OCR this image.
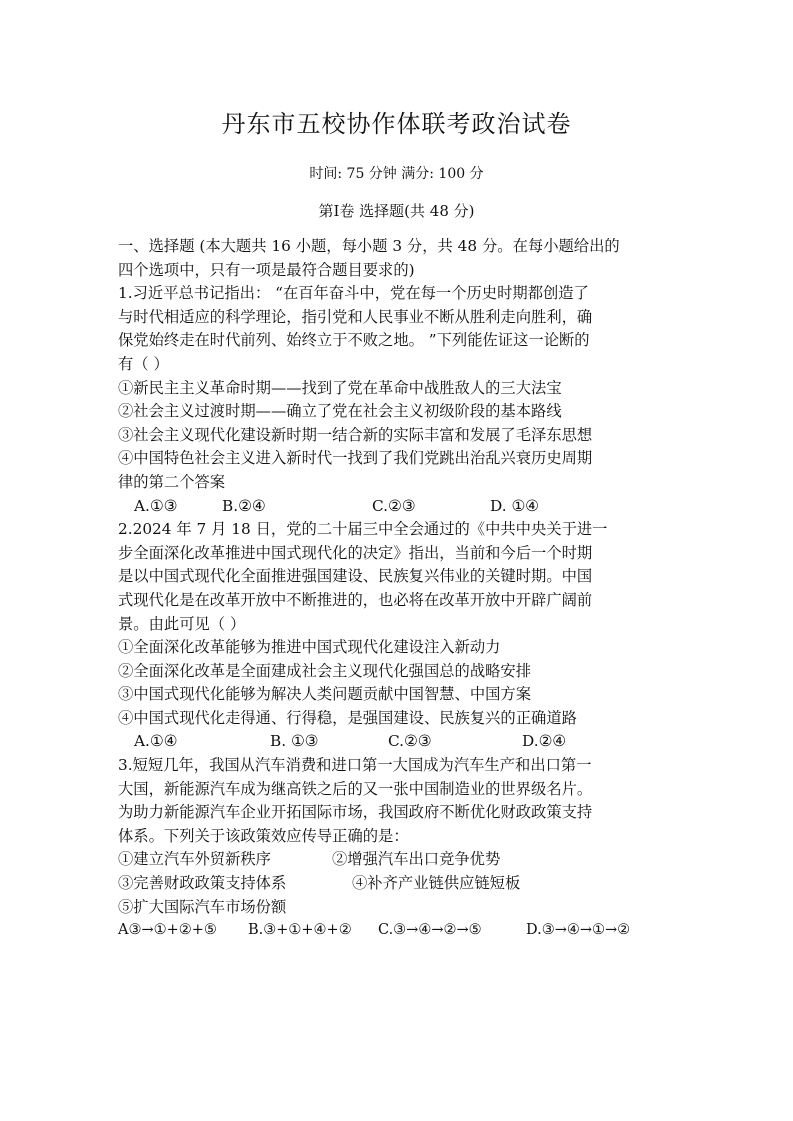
丹东市五校协作体联考政治试卷
时间: 75 分钟 满分: 100 分
第Ⅰ卷 选择题(共 48 分)
一、选择题 (本大题共 16 小题，每小题 3 分，共 48 分。在每小题给出的
四个选项中，只有一项是最符合题目要求的)
1.习近平总书记指出： “在百年奋斗中，党在每一个历史时期都创造了
与时代相适应的科学理论，指引党和人民事业不断从胜利走向胜利，确
保党始终走在时代前列、始终立于不败之地。 ”下列能佐证这一论断的
有（ ）
①新民主主义革命时期——找到了党在革命中战胜敌人的三大法宝
②社会主义过渡时期——确立了党在社会主义初级阶段的基本路线
③社会主义现代化建设新时期一结合新的实际丰富和发展了毛泽东思想
④中国特色社会主义进入新时代一找到了我们党跳出治乱兴衰历史周期
律的第二个答案
A.①③	B.②④	C.②③	D. ①④
2.2024 年 7 月 18 日，党的二十届三中全会通过的《中共中央关于进一
步全面深化改革推进中国式现代化的决定》指出，当前和今后一个时期
是以中国式现代化全面推进强国建设、民族复兴伟业的关键时期。中国
式现代化是在改革开放中不断推进的，也必将在改革开放中开辟广阔前
景。由此可见（ ）
①全面深化改革能够为推进中国式现代化建设注入新动力
②全面深化改革是全面建成社会主义现代化强国总的战略安排
③中国式现代化能够为解决人类问题贡献中国智慧、中国方案
④中国式现代化走得通、行得稳，是强国建设、民族复兴的正确道路
A.①④	B. ①③	C.②③	D.②④
3.短短几年，我国从汽车消费和进口第一大国成为汽车生产和出口第一
大国，新能源汽车成为继高铁之后的又一张中国制造业的世界级名片。
为助力新能源汽车企业开拓国际市场，我国政府不断优化财政政策支持
体系。下列关于该政策效应传导正确的是：
①建立汽车外贸新秩序	②增强汽车出口竞争优势
③完善财政政策支持体系	④补齐产业链供应链短板
⑤扩大国际汽车市场份额
A③→①+②+⑤	B.③+①+④+②	C.③→④→②→⑤	D.③→④→①→②
